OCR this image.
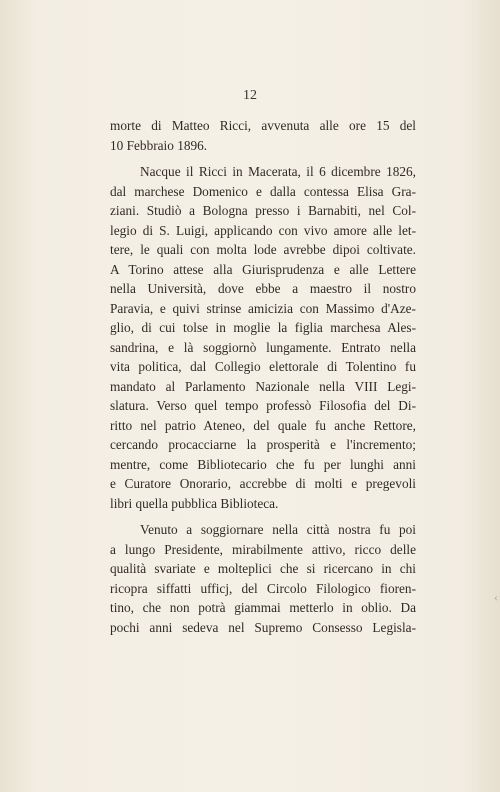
12
morte di Matteo Ricci, avvenuta alle ore 15 del
10 Febbraio 1896.
Nacque il Ricci in Macerata, il 6 dicembre 1826,
dal marchese Domenico e dalla contessa Elisa Gra-
ziani. Studiò a Bologna presso i Barnabiti, nel Col-
legio di S. Luigi, applicando con vivo amore alle let-
tere, le quali con molta lode avrebbe dipoi coltivate.
A Torino attese alla Giurisprudenza e alle Lettere
nella Università, dove ebbe a maestro il nostro
Paravia, e quivi strinse amicizia con Massimo d'Aze-
glio, di cui tolse in moglie la figlia marchesa Ales-
sandrina, e là soggiornò lungamente. Entrato nella
vita politica, dal Collegio elettorale di Tolentino fu
mandato al Parlamento Nazionale nella VIII Legi-
slatura. Verso quel tempo professò Filosofia del Di-
ritto nel patrio Ateneo, del quale fu anche Rettore,
cercando procacciarne la prosperità e l'incremento;
mentre, come Bibliotecario che fu per lunghi anni
e Curatore Onorario, accrebbe di molti e pregevoli
libri quella pubblica Biblioteca.
Venuto a soggiornare nella città nostra fu poi
a lungo Presidente, mirabilmente attivo, ricco delle
qualità svariate e molteplici che si ricercano in chi
ricopra siffatti ufficj, del Circolo Filologico fioren-
tino, che non potrà giammai metterlo in oblio. Da
pochi anni sedeva nel Supremo Consesso Legisla-
‹
